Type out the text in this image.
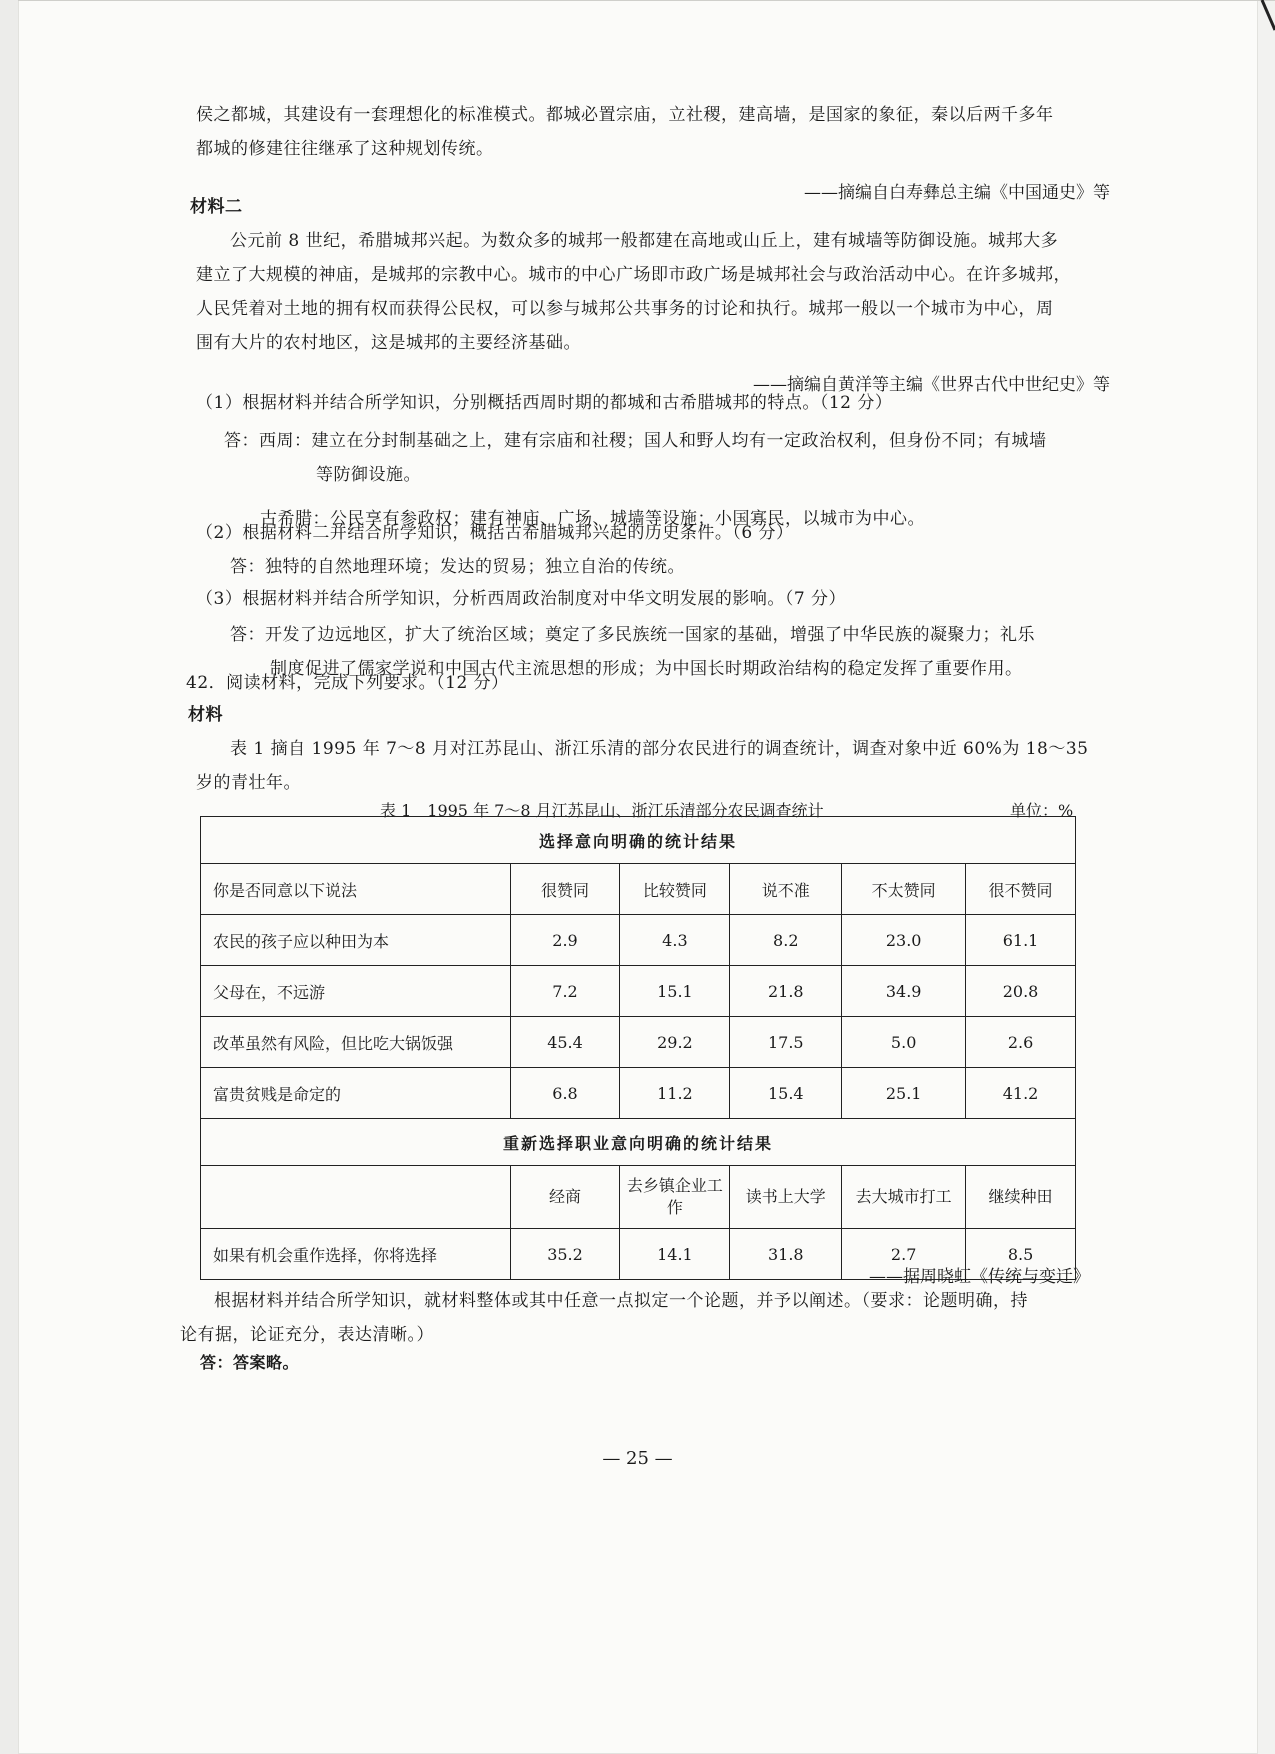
侯之都城，其建设有一套理想化的标准模式。都城必置宗庙，立社稷，建高墙，是国家的象征，秦以后两千多年
都城的修建往往继承了这种规划传统。
——摘编自白寿彝总主编《中国通史》等
材料二
公元前 8 世纪，希腊城邦兴起。为数众多的城邦一般都建在高地或山丘上，建有城墙等防御设施。城邦大多
建立了大规模的神庙，是城邦的宗教中心。城市的中心广场即市政广场是城邦社会与政治活动中心。在许多城邦，
人民凭着对土地的拥有权而获得公民权，可以参与城邦公共事务的讨论和执行。城邦一般以一个城市为中心，周
围有大片的农村地区，这是城邦的主要经济基础。
——摘编自黄洋等主编《世界古代中世纪史》等
（1）根据材料并结合所学知识，分别概括西周时期的都城和古希腊城邦的特点。（12 分）
答：西周：建立在分封制基础之上，建有宗庙和社稷；国人和野人均有一定政治权利，但身份不同；有城墙
等防御设施。
古希腊：公民享有参政权；建有神庙、广场、城墙等设施；小国寡民，以城市为中心。
（2）根据材料二并结合所学知识，概括古希腊城邦兴起的历史条件。（6 分）
答：独特的自然地理环境；发达的贸易；独立自治的传统。
（3）根据材料并结合所学知识，分析西周政治制度对中华文明发展的影响。（7 分）
答：开发了边远地区，扩大了统治区域；奠定了多民族统一国家的基础，增强了中华民族的凝聚力；礼乐
制度促进了儒家学说和中国古代主流思想的形成；为中国长时期政治结构的稳定发挥了重要作用。
42．阅读材料，完成下列要求。（12 分）
材料
表 1 摘自 1995 年 7～8 月对江苏昆山、浙江乐清的部分农民进行的调查统计，调查对象中近 60%为 18～35
岁的青壮年。
表 1　1995 年 7～8 月江苏昆山、浙江乐清部分农民调查统计	单位：%
选择意向明确的统计结果					
你是否同意以下说法	很赞同	比较赞同	说不准	不太赞同	很不赞同
农民的孩子应以种田为本	2.9	4.3	8.2	23.0	61.1
父母在，不远游	7.2	15.1	21.8	34.9	20.8
改革虽然有风险，但比吃大锅饭强	45.4	29.2	17.5	5.0	2.6
富贵贫贱是命定的	6.8	11.2	15.4	25.1	41.2
重新选择职业意向明确的统计结果					
	经商	去乡镇企业工作	读书上大学	去大城市打工	继续种田
如果有机会重作选择，你将选择	35.2	14.1	31.8	2.7	8.5
——据周晓虹《传统与变迁》
根据材料并结合所学知识，就材料整体或其中任意一点拟定一个论题，并予以阐述。（要求：论题明确，持
论有据，论证充分，表达清晰。）
答：答案略。
— 25 —
